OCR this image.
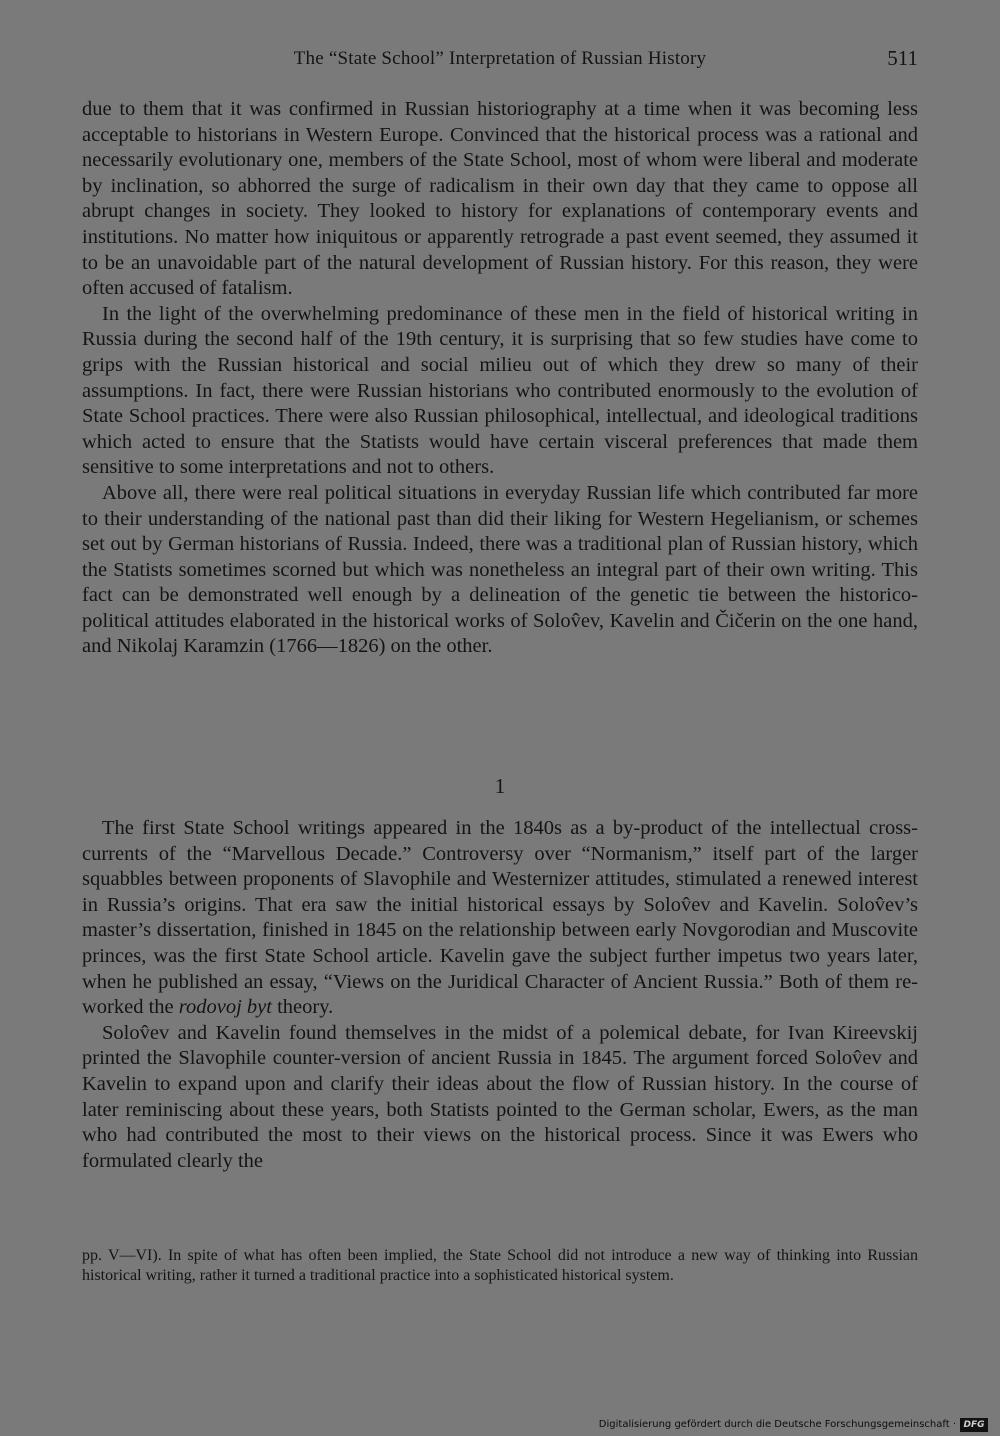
The “State School” Interpretation of Russian History	511

due to them that it was confirmed in Russian historiography at a time when it was becoming less acceptable to historians in Western Europe. Convinced that the historical process was a rational and necessarily evolutionary one, members of the State School, most of whom were liberal and moderate by inclination, so abhorred the surge of radicalism in their own day that they came to oppose all abrupt changes in society. They looked to history for explanations of contemporary events and institutions. No matter how iniquitous or apparently retrograde a past event seemed, they assumed it to be an unavoidable part of the natural development of Russian history. For this reason, they were often accused of fatalism.

In the light of the overwhelming predominance of these men in the field of historical writing in Russia during the second half of the 19th century, it is surprising that so few studies have come to grips with the Russian historical and social milieu out of which they drew so many of their assumptions. In fact, there were Russian historians who contributed enormously to the evolution of State School practices. There were also Russian philosophical, intellectual, and ideological traditions which acted to ensure that the Statists would have certain visceral preferences that made them sensitive to some interpretations and not to others.

Above all, there were real political situations in everyday Russian life which contributed far more to their understanding of the national past than did their liking for Western Hegelianism, or schemes set out by German historians of Russia. Indeed, there was a traditional plan of Russian history, which the Statists sometimes scorned but which was nonetheless an integral part of their own writing. This fact can be demonstrated well enough by a delineation of the genetic tie between the historico-political attitudes elaborated in the historical works of Solov̂ev, Kavelin and Čičerin on the one hand, and Nikolaj Karamzin (1766—1826) on the other.

1

The first State School writings appeared in the 1840s as a by-product of the intellectual cross-currents of the “Marvellous Decade.” Controversy over “Normanism,” itself part of the larger squabbles between proponents of Slavophile and Westernizer attitudes, stimulated a renewed interest in Russia’s origins. That era saw the initial historical essays by Solov̂ev and Kavelin. Solov̂ev’s master’s dissertation, finished in 1845 on the relationship between early Novgorodian and Muscovite princes, was the first State School article. Kavelin gave the subject further impetus two years later, when he published an essay, “Views on the Juridical Character of Ancient Russia.” Both of them re-worked the rodovoj byt theory.

Solov̂ev and Kavelin found themselves in the midst of a polemical debate, for Ivan Kireevskij printed the Slavophile counter-version of ancient Russia in 1845. The argument forced Solov̂ev and Kavelin to expand upon and clarify their ideas about the flow of Russian history. In the course of later reminiscing about these years, both Statists pointed to the German scholar, Ewers, as the man who had contributed the most to their views on the historical process. Since it was Ewers who formulated clearly the

pp. V—VI). In spite of what has often been implied, the State School did not introduce a new way of thinking into Russian historical writing, rather it turned a traditional practice into a sophisticated historical system.
Digitalisierung gefördert durch die Deutsche Forschungsgemeinschaft · DFG
